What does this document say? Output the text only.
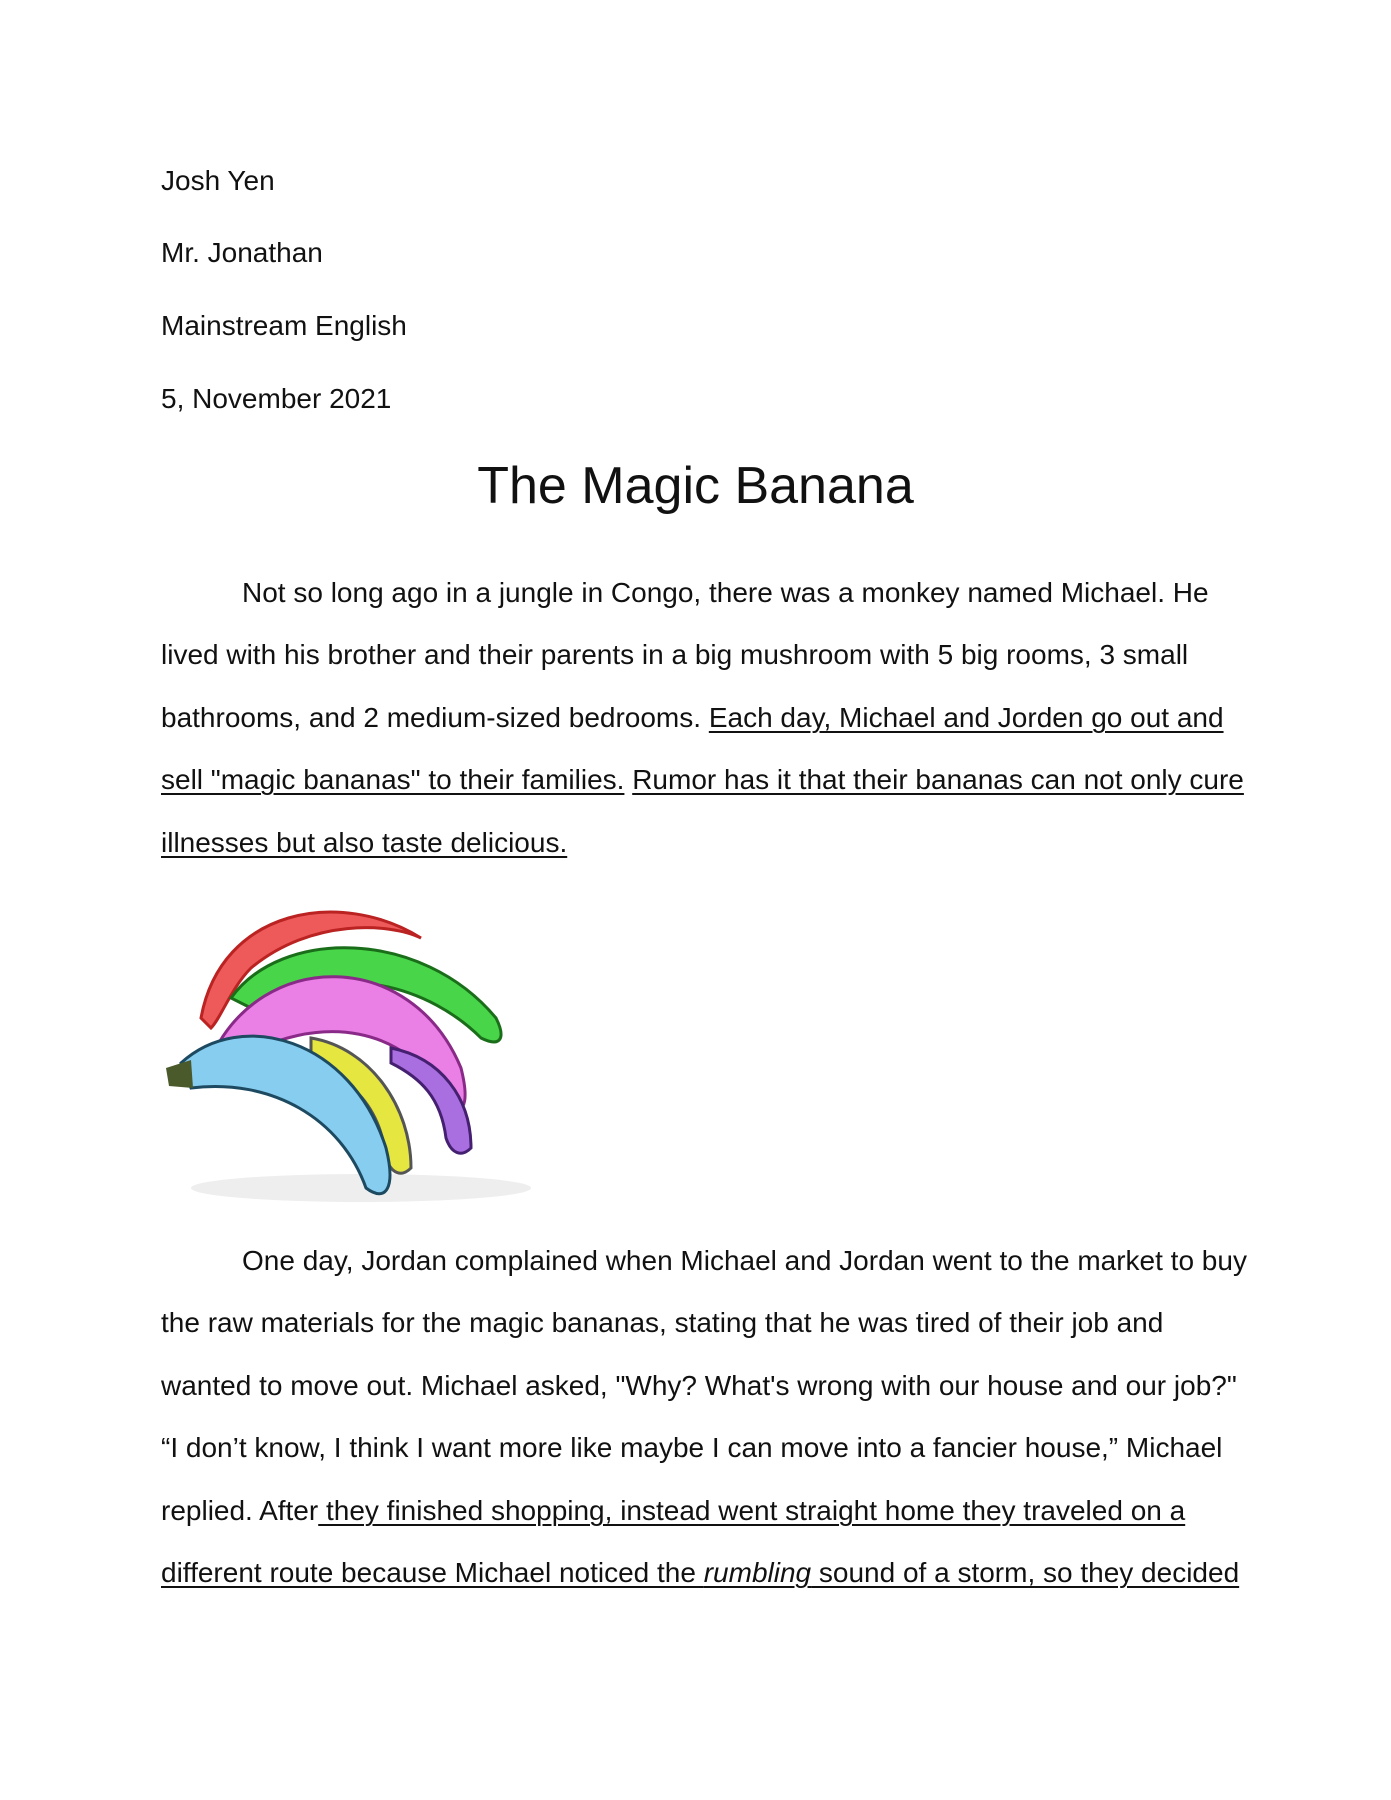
Josh Yen
Mr. Jonathan
Mainstream English
5, November 2021
The Magic Banana
Not so long ago in a jungle in Congo, there was a monkey named Michael. He
lived with his brother and their parents in a big mushroom with 5 big rooms, 3 small
bathrooms, and 2 medium-sized bedrooms. Each day, Michael and Jorden go out and
sell "magic bananas" to their families. Rumor has it that their bananas can not only cure
illnesses but also taste delicious.
One day, Jordan complained when Michael and Jordan went to the market to buy
the raw materials for the magic bananas, stating that he was tired of their job and
wanted to move out. Michael asked, "Why? What's wrong with our house and our job?"
“I don’t know, I think I want more like maybe I can move into a fancier house,” Michael
replied. After they finished shopping, instead went straight home they traveled on a
different route because Michael noticed the rumbling sound of a storm, so they decided
